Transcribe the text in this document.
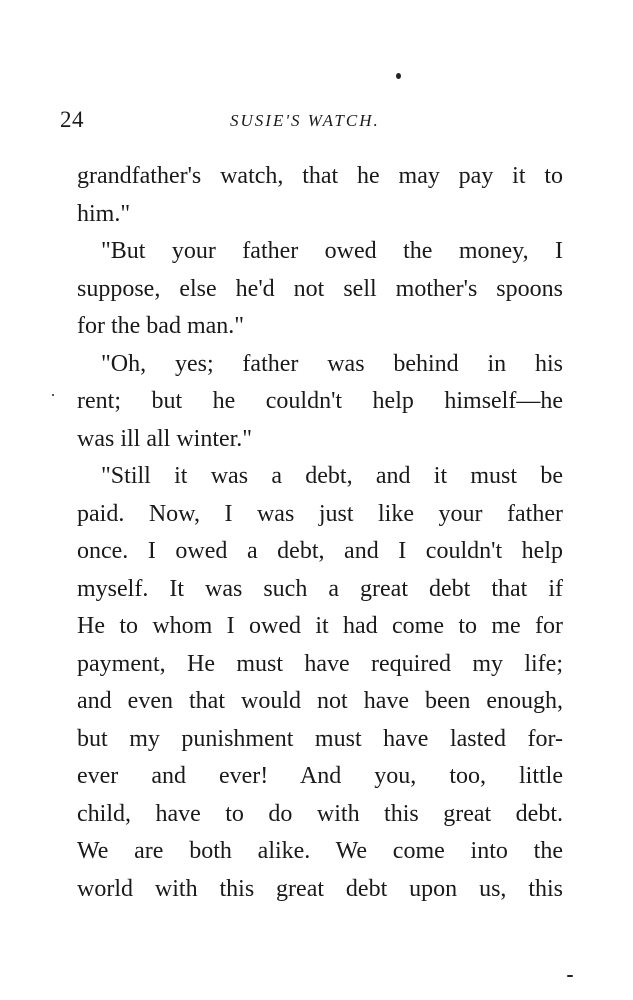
24	SUSIE'S WATCH.
grandfather's watch, that he may pay it to
him."
"But your father owed the money, I
suppose, else he'd not sell mother's spoons
for the bad man."
"Oh, yes; father was behind in his
rent; but he couldn't help himself—he
was ill all winter."
"Still it was a debt, and it must be
paid. Now, I was just like your father
once. I owed a debt, and I couldn't help
myself. It was such a great debt that if
He to whom I owed it had come to me for
payment, He must have required my life;
and even that would not have been enough,
but my punishment must have lasted for-
ever and ever! And you, too, little
child, have to do with this great debt.
We are both alike. We come into the
world with this great debt upon us, this
